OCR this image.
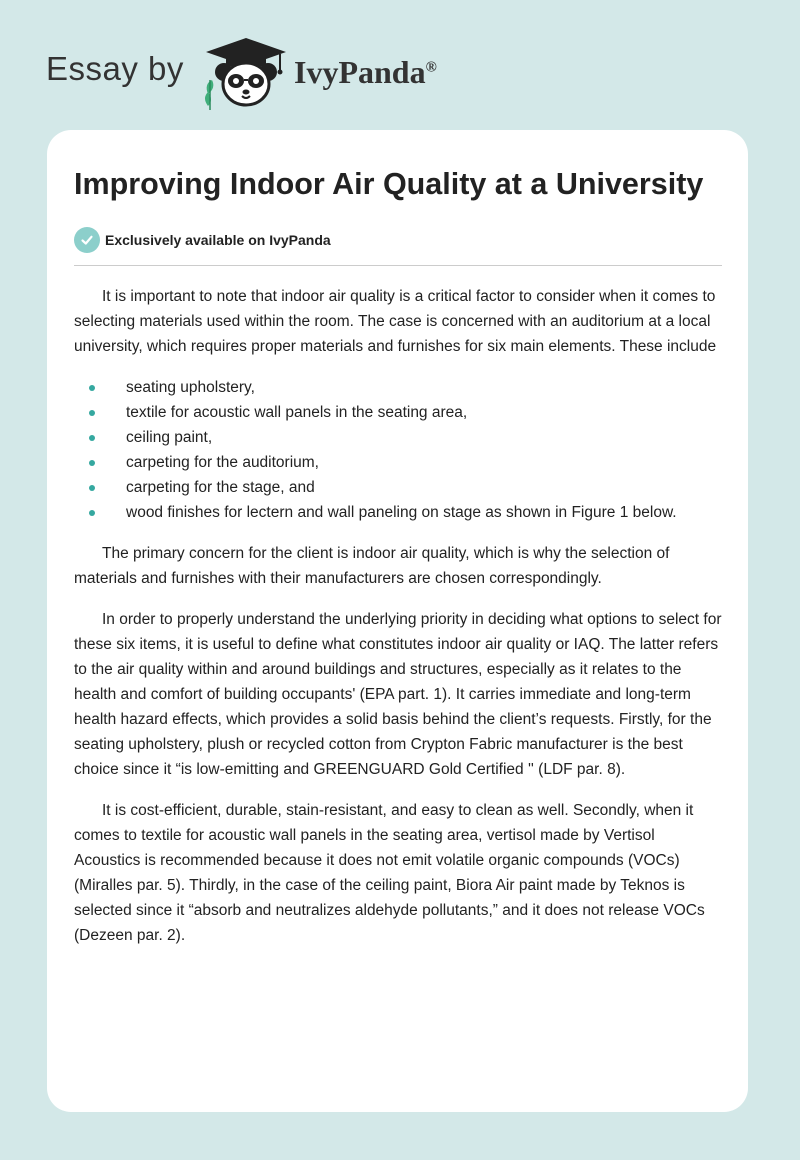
Essay by	IvyPanda®
Improving Indoor Air Quality at a University
Exclusively available on IvyPanda

It is important to note that indoor air quality is a critical factor to consider when it comes to selecting materials used within the room. The case is concerned with an auditorium at a local university, which requires proper materials and furnishes for six main elements. These include

seating upholstery,
textile for acoustic wall panels in the seating area,
ceiling paint,
carpeting for the auditorium,
carpeting for the stage, and
wood finishes for lectern and wall paneling on stage as shown in Figure 1 below.

The primary concern for the client is indoor air quality, which is why the selection of materials and furnishes with their manufacturers are chosen correspondingly.

In order to properly understand the underlying priority in deciding what options to select for these six items, it is useful to define what constitutes indoor air quality or IAQ. The latter refers to the air quality within and around buildings and structures, especially as it relates to the health and comfort of building occupants' (EPA part. 1). It carries immediate and long-term health hazard effects, which provides a solid basis behind the client’s requests. Firstly, for the seating upholstery, plush or recycled cotton from Crypton Fabric manufacturer is the best choice since it “is low-emitting and GREENGUARD Gold Certified '' (LDF par. 8).

It is cost-efficient, durable, stain-resistant, and easy to clean as well. Secondly, when it comes to textile for acoustic wall panels in the seating area, vertisol made by Vertisol Acoustics is recommended because it does not emit volatile organic compounds (VOCs) (Miralles par. 5). Thirdly, in the case of the ceiling paint, Biora Air paint made by Teknos is selected since it “absorb and neutralizes aldehyde pollutants,” and it does not release VOCs (Dezeen par. 2).
